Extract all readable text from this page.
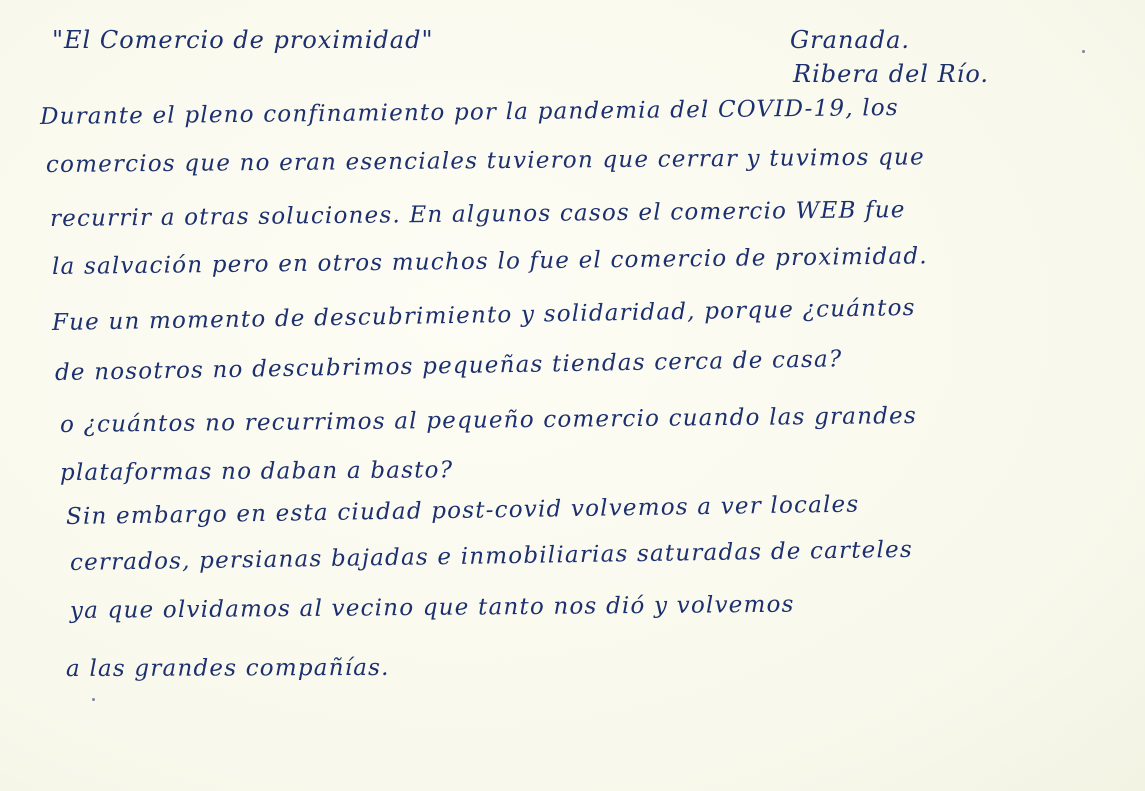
"El Comercio de proximidad"	Granada.
Ribera del Río.
Durante el pleno confinamiento por la pandemia del COVID-19, los
comercios que no eran esenciales tuvieron que cerrar y tuvimos que
recurrir a otras soluciones. En algunos casos el comercio WEB fue
la salvación pero en otros muchos lo fue el comercio de proximidad.
Fue un momento de descubrimiento y solidaridad, porque ¿cuántos
de nosotros no descubrimos pequeñas tiendas cerca de casa?
o ¿cuántos no recurrimos al pequeño comercio cuando las grandes
plataformas no daban a basto?
Sin embargo en esta ciudad post-covid volvemos a ver locales
cerrados, persianas bajadas e inmobiliarias saturadas de carteles
ya que olvidamos al vecino que tanto nos dió y volvemos
a las grandes compañías.
